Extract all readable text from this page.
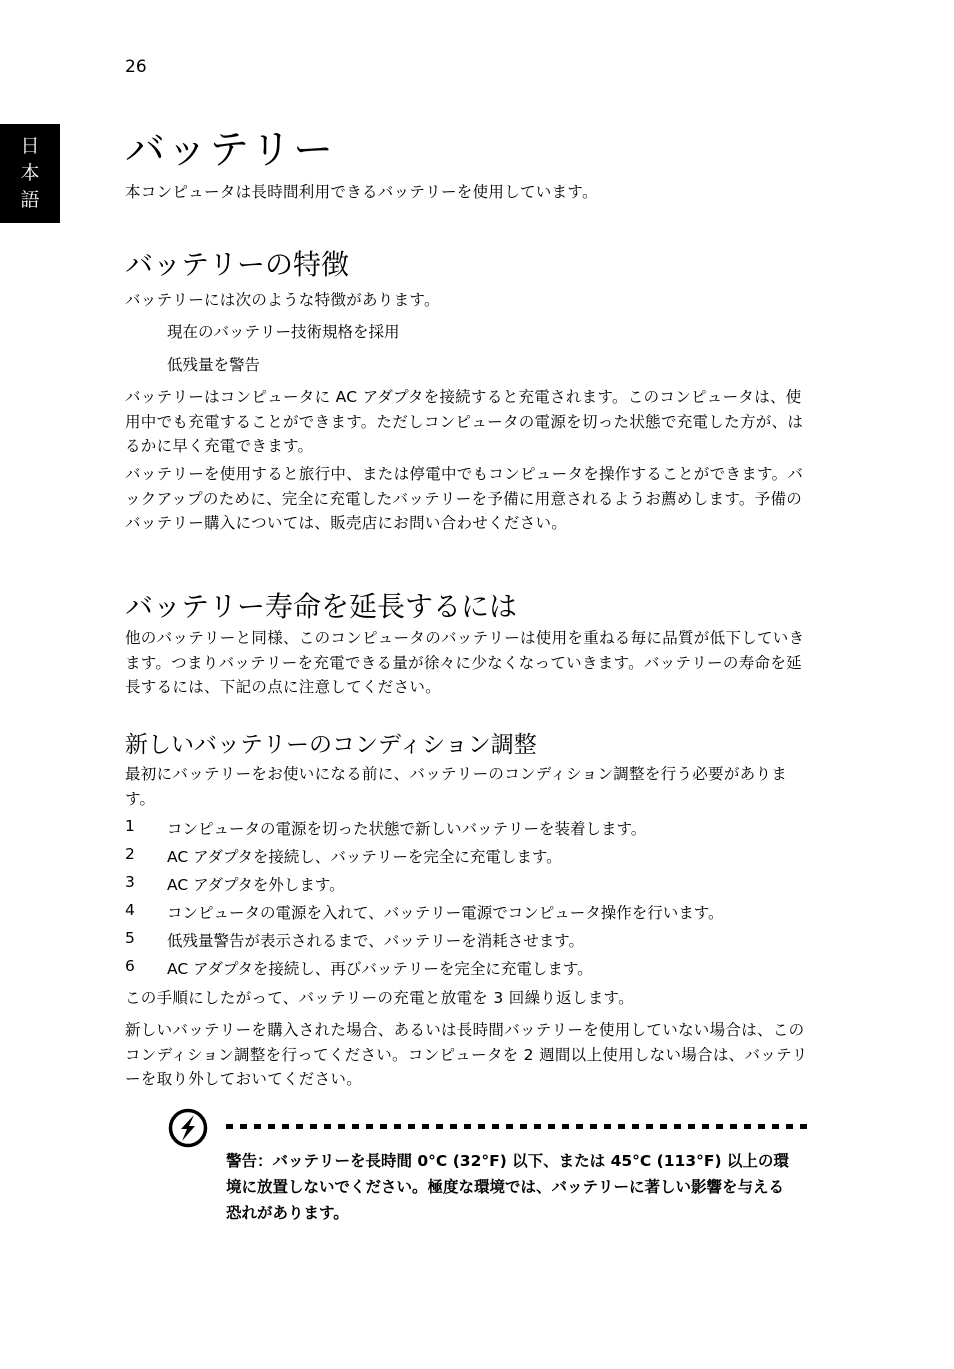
26
日
本
語
バッテリー

本コンピュータは長時間利用できるバッテリーを使用しています。

バッテリーの特徴

バッテリーには次のような特徴があります。

現在のバッテリー技術規格を採用
低残量を警告

バッテリーはコンピュータに AC アダプタを接続すると充電されます。このコンピュータは、使用中でも充電することができます。ただしコンピュータの電源を切った状態で充電した方が、はるかに早く充電できます。

バッテリーを使用すると旅行中、または停電中でもコンピュータを操作することができます。バックアップのために、完全に充電したバッテリーを予備に用意されるようお薦めします。予備のバッテリー購入については、販売店にお問い合わせください。

バッテリー寿命を延長するには

他のバッテリーと同様、このコンピュータのバッテリーは使用を重ねる毎に品質が低下していきます。つまりバッテリーを充電できる量が徐々に少なくなっていきます。バッテリーの寿命を延長するには、下記の点に注意してください。

新しいバッテリーのコンディション調整

最初にバッテリーをお使いになる前に、バッテリーのコンディション調整を行う必要があります。

1	コンピュータの電源を切った状態で新しいバッテリーを装着します。
2	AC アダプタを接続し、バッテリーを完全に充電します。
3	AC アダプタを外します。
4	コンピュータの電源を入れて、バッテリー電源でコンピュータ操作を行います。
5	低残量警告が表示されるまで、バッテリーを消耗させます。
6	AC アダプタを接続し、再びバッテリーを完全に充電します。

この手順にしたがって、バッテリーの充電と放電を 3 回繰り返します。

新しいバッテリーを購入された場合、あるいは長時間バッテリーを使用していない場合は、このコンディション調整を行ってください。コンピュータを 2 週間以上使用しない場合は、バッテリーを取り外しておいてください。

警告：バッテリーを長時間 0°C (32°F) 以下、または 45°C (113°F) 以上の環境に放置しないでください。極度な環境では、バッテリーに著しい影響を与える恐れがあります。
